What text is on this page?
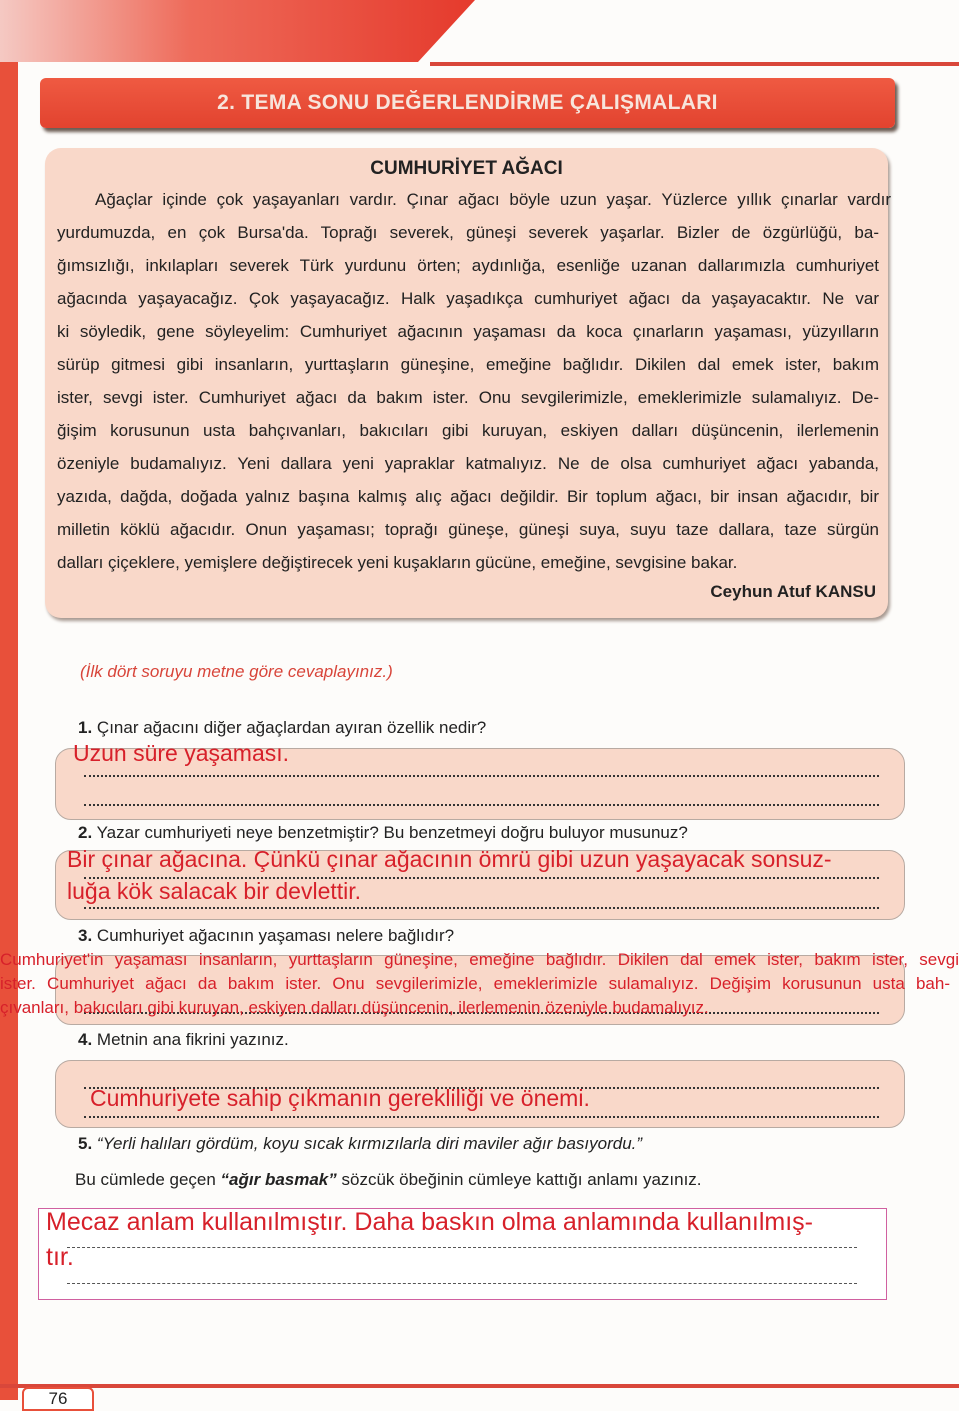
2. TEMA SONU DEĞERLENDİRME ÇALIŞMALARI
CUMHURİYET AĞACI
Ağaçlar içinde çok yaşayanları vardır. Çınar ağacı böyle uzun yaşar. Yüzlerce yıllık çınarlar vardır
yurdumuzda, en çok Bursa'da. Toprağı severek, güneşi severek yaşarlar. Bizler de özgürlüğü, ba-
ğımsızlığı, inkılapları severek Türk yurdunu örten; aydınlığa, esenliğe uzanan dallarımızla cumhuriyet
ağacında yaşayacağız. Çok yaşayacağız. Halk yaşadıkça cumhuriyet ağacı da yaşayacaktır. Ne var
ki söyledik, gene söyleyelim: Cumhuriyet ağacının yaşaması da koca çınarların yaşaması, yüzyılların
sürüp gitmesi gibi insanların, yurttaşların güneşine, emeğine bağlıdır. Dikilen dal emek ister, bakım
ister, sevgi ister. Cumhuriyet ağacı da bakım ister. Onu sevgilerimizle, emeklerimizle sulamalıyız. De-
ğişim korusunun usta bahçıvanları, bakıcıları gibi kuruyan, eskiyen dalları düşüncenin, ilerlemenin
özeniyle budamalıyız. Yeni dallara yeni yapraklar katmalıyız. Ne de olsa cumhuriyet ağacı yabanda,
yazıda, dağda, doğada yalnız başına kalmış alıç ağacı değildir. Bir toplum ağacı, bir insan ağacıdır, bir
milletin köklü ağacıdır. Onun yaşaması; toprağı güneşe, güneşi suya, suyu taze dallara, taze sürgün
dalları çiçeklere, yemişlere değiştirecek yeni kuşakların gücüne, emeğine, sevgisine bakar.
Ceyhun Atuf KANSU
(İlk dört soruyu metne göre cevaplayınız.)
1. Çınar ağacını diğer ağaçlardan ayıran özellik nedir?
Uzun süre yaşaması.
2. Yazar cumhuriyeti neye benzetmiştir? Bu benzetmeyi doğru buluyor musunuz?
Bir çınar ağacına. Çünkü çınar ağacının ömrü gibi uzun yaşayacak sonsuz-
luğa kök salacak bir devlettir.
3. Cumhuriyet ağacının yaşaması nelere bağlıdır?
Cumhuriyet'in yaşaması insanların, yurttaşların güneşine, emeğine bağlıdır. Dikilen dal emek ister, bakım ister, sevgi
ister. Cumhuriyet ağacı da bakım ister. Onu sevgilerimizle, emeklerimizle sulamalıyız. Değişim korusunun usta bah-
çıvanları, bakıcıları gibi kuruyan, eskiyen dalları düşüncenin, ilerlemenin özeniyle budamalıyız.
4. Metnin ana fikrini yazınız.
Cumhuriyete sahip çıkmanın gerekliliği ve önemi.
5. “Yerli halıları gördüm, koyu sıcak kırmızılarla diri maviler ağır basıyordu.”
Bu cümlede geçen “ağır basmak” sözcük öbeğinin cümleye kattığı anlamı yazınız.
Mecaz anlam kullanılmıştır. Daha baskın olma anlamında kullanılmış-
tır.
76
